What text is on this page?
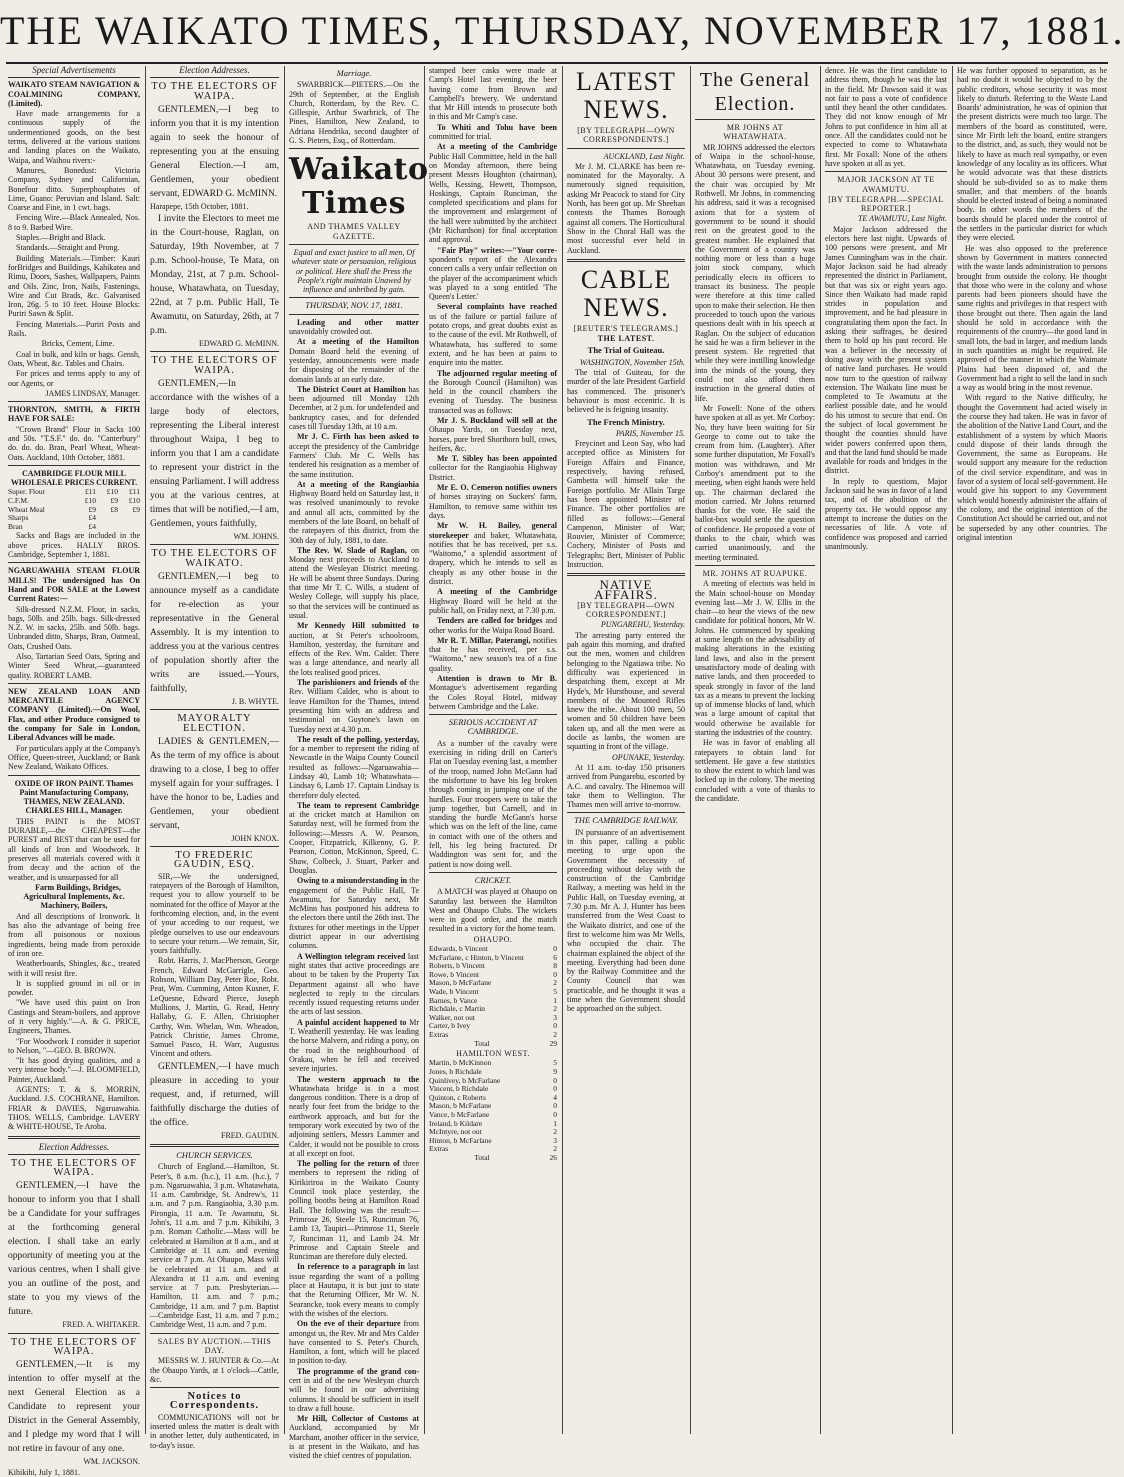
THE WAIKATO TIMES, THURSDAY, NOVEMBER 17, 1881.
Special Advertisements

WAIKATO STEAM NAVIGATION & COALMINING COMPANY, (Limited).

Have made arrangements for a continuous supply of the undermentioned goods, on the best terms, delivered at the various stations and landing places on the Waikato, Waipa, and Waihou rivers:-

Manures, Bonedust: Victoria Company, Sydney and Californian, Bonefour ditto. Superphosphates of Lime, Guano: Peruvian and Island. Salt: Coarse and Fine, in 1 cwt. bags.

Fencing Wire.—Black Annealed, Nos. 8 to 9. Barbed Wire.

Staples.—Bright and Black.

Standards.—Straight and Prong.

Building Materials.—Timber: Kauri forBridges and Buildings, Kahikatea and Rimu, Doors, Sashes, Wallpapers, Paints and Oils. Zinc, Iron, Nails, Fastenings, Wire and Cut Brads, &c. Galvanised Iron, 26g. 5 to 10 feet. House Blocks: Puriri Sawn & Split.

Fencing Materials.—Puriri Posts and Rails.

Bricks, Cement, Lime.

Coal in bulk, and kiln or bags. Gensh, Oats, Wheat, &c. Tables and Chairs.

For prices and terms apply to any of our Agents, or

JAMES LINDSAY, Manager.

THORNTON, SMITH, & FIRTH HAVE FOR SALE:

"Crown Brand" Flour in Sacks 100 and 50s. "T.S.F." do. do. "Canterbury" do. do. do. Bran, Pearl Wheat, Wheat-Oats. Auckland, 10th October, 1881.

CAMBRIDGE FLOUR MILL WHOLESALE PRICES CURRENT.

Super. Flour	£11	£10	£11
C.F.M.	£10	£9	£10
Wheat Meal	£9	£8	£9
Sharps	£4		
Bran	£4		

Sacks and Bags are included in the above prices. HALLY BROS. Cambridge, September 1, 1881.

NGARUAWAHIA STEAM FLOUR MILLS! The undersigned has On Hand and FOR SALE at the Lowest Current Rates:—

Silk-dressed N.Z.M. Flour, in sacks, bags, 50lb. and 25lb. bags. Silk-dressed N.Z. W. in sacks, 25lb. and 50lb. bags. Unbranded ditto, Sharps, Bran, Oatmeal, Oats, Crushed Oats.

Also, Tartarian Seed Oats, Spring and Winter Seed Wheat,—guaranteed quality. ROBERT LAMB.

NEW ZEALAND LOAN AND MERCANTILE AGENCY COMPANY (Limited).—On Wool, Flax, and other Produce consigned to the company for Sale in London, Liberal Advances will be made.

For particulars apply at the Company's Office, Queen-street, Auckland; or Bank New Zealand, Waikato Offices.

OXIDE OF IRON PAINT. Thames Paint Manufacturing Company, THAMES, NEW ZEALAND. CHARLES HILL, Manager.

THIS PAINT is the MOST DURABLE,—the CHEAPEST—the PUREST and BEST that can be used for all kinds of Iron and Woodwork. It preserves all materials covered with it from decay and the action of the weather, and is unsurpassed for all

Farm Buildings, Bridges, Agricultural Implements, &c. Machinery, Boilers,

And all descriptions of Ironwork. It has also the advantage of being free from all poisonous or noxious ingredients, being made from peroxide of iron ore.

Weatherboards, Shingles, &c., treated with it will resist fire.

It is supplied ground in oil or in powder.

"We have used this paint on Iron Castings and Steam-boilers, and approve of it very highly."—A. & G. PRICE, Engineers, Thames.

"For Woodwork I consider it superior to Nelson, "—GEO. B. BROWN.

"It has good drying qualities, and a very intense body."—J. BLOOMFIELD, Painter, Auckland.

AGENTS: T. & S. MORRIN, Auckland. J.S. COCHRANE, Hamilton. FRIAR & DAVIES, Ngaruawahia. THOS. WELLS, Cambridge. LAVERY & WHITE-HOUSE, Te Aroha.

Election Addresses.
TO THE ELECTORS OF WAIPA.

GENTLEMEN,—I have the honour to inform you that I shall be a Candidate for your suffrages at the forthcoming general election. I shall take an early opportunity of meeting you at the various centres, when I shall give you an outline of the post, and state to you my views of the future.

FRED. A. WHITAKER.

TO THE ELECTORS OF WAIPA.

GENTLEMEN,—It is my intention to offer myself at the next General Election as a Candidate to represent your District in the General Assembly, and I pledge my word that I will not retire in favour of any one.

WM. JACKSON.

Kihikihi, July 1, 1881.

Election Addresses.
TO THE ELECTORS OF WAIPA.

GENTLEMEN,—I beg to inform you that it is my intention again to seek the honour of representing you at the ensuing General Election.—I am, Gentlemen, your obedient servant, EDWARD G. McMINN.

Harapepe, 15th October, 1881.

I invite the Electors to meet me in the Court-house, Raglan, on Saturday, 19th November, at 7 p.m. School-house, Te Mata, on Monday, 21st, at 7 p.m. School-house, Whatawhata, on Tuesday, 22nd, at 7 p.m. Public Hall, Te Awamutu, on Saturday, 26th, at 7 p.m.

EDWARD G. McMINN.

TO THE ELECTORS OF WAIPA.

GENTLEMEN,—In accordance with the wishes of a large body of electors, representing the Liberal interest throughout Waipa, I beg to inform you that I am a candidate to represent your district in the ensuing Parliament. I will address you at the various centres, at times that will be notified,—I am, Gentlemen, yours faithfully,

WM. JOHNS.

TO THE ELECTORS OF WAIKATO.

GENTLEMEN,—I beg to announce myself as a candidate for re-election as your representative in the General Assembly. It is my intention to address you at the various centres of population shortly after the writs are issued.—Yours, faithfully,

J. B. WHYTE.

MAYORALTY ELECTION.

LADIES & GENTLEMEN,—As the term of my office is about drawing to a close, I beg to offer myself again for your suffrages. I have the honor to be, Ladies and Gentlemen, your obedient servant,

JOHN KNOX.

TO FREDERIC GAUDIN, ESQ.

SIR,—We the undersigned, ratepayers of the Borough of Hamilton, request you to allow yourself to be nominated for the office of Mayor at the forthcoming election, and, in the event of your acceding to our request, we pledge ourselves to use our endeavours to secure your return.—We remain, Sir, yours faithfully.

Robt. Harris, J. MacPherson, George French, Edward McGarrigle, Geo. Robson, William Day, Peter Roe, Robt. Peat, Wm. Cumming, Anton Kusner, F. LeQuesne, Edward Pierce, Joseph Mullions, J. Martin, G. Read, Henry Hallaby, G. F. Allen, Christopher Carthy, Wm. Whelan, Wm. Wheadon, Patrick Christie, James Chrome, Samuel Pasco, H. Warr, Augustus Vincent and others.

GENTLEMEN,—I have much pleasure in acceding to your request, and, if returned, will faithfully discharge the duties of the office.

FRED. GAUDIN.

CHURCH SERVICES.

Church of England.—Hamilton, St. Peter's, 8 a.m. (h.c.), 11 a.m. (h.c.), 7 p.m. Ngaruawahia, 3 p.m. Whatawhata, 11 a.m. Cambridge, St. Andrew's, 11 a.m. and 7 p.m. Rangiaohia, 3.30 p.m. Pirongia, 11 a.m. Te Awamutu, St. John's, 11 a.m. and 7 p.m. Kihikihi, 3 p.m. Roman Catholic.—Mass will be celebrated at Hamilton at 8 a.m., and at Cambridge at 11 a.m. and evening service at 7 p.m. At Ohaupo, Mass will be celebrated at 11 a.m. and at Alexandra at 11 a.m. and evening service at 7 p.m. Presbyterian.—Hamilton, 11 a.m. and 7 p.m.; Cambridge, 11 a.m. and 7 p.m. Baptist—Cambridge East, 11 a.m. and 7 p.m.; Cambridge West, 11 a.m. and 7 p.m.

SALES BY AUCTION.—THIS DAY.

MESSRS W. J. HUNTER & Co.—At the Ohaupo Yards, at 1 o'clock—Cattle, &c.

Notices to Correspondents.

COMMUNICATIONS will not be inserted unless the matter is dealt with in another letter, duly authenticated, in to-day's issue.

Marriage.

SWARBRICK—PIETERS.—On the 29th of September, at the English Church, Rotterdam, by the Rev. C. Gillespie, Arthur Swarbrick, of The Pines, Hamilton, New Zealand, to Adriana Hendrika, second daughter of G. S. Pieters, Esq., of Rotterdam.

Waikato Times
AND THAMES VALLEY GAZETTE.

Equal and exact justice to all men, Of whatever state or persuasion, religious or political. Here shall the Press the People's right maintain Unawed by influence and unbribed by gain.

THURSDAY, NOV. 17, 1881.

Leading and other matter unavoidably crowded out.

At a meeting of the Hamilton Domain Board held the evening of yesterday, announcements were made for disposing of the remainder of the domain lands at an early date.

The District Court at Hamilton has been adjourned till Monday 12th December, at 2 p.m. for undefended and bankruptcy cases, and for defended cases till Tuesday 13th, at 10 a.m.

Mr J. C. Firth has been asked to accept the presidency of the Cambridge Farmers' Club. Mr C. Wells has tendered his resignation as a member of the same institution.

At a meeting of the Rangiaohia Highway Board held on Saturday last, it was resolved unanimously to revoke and annul all acts, committed by the members of the late Board, on behalf of the ratepayers of this district, from the 30th day of July, 1881, to date.

The Rev. W. Slade of Raglan, on Monday next proceeds to Auckland to attend the Wesleyan District meeting. He will be absent three Sundays. During that time Mr T. C. Wills, a student of Wesley College, will supply his place, so that the services will be continued as usual.

Mr Kennedy Hill submitted to auction, at St Peter's schoolroom, Hamilton, yesterday, the furniture and effects of the Rev. Wm. Calder. There was a large attendance, and nearly all the lots realised good prices.

The parishioners and friends of the Rev. William Calder, who is about to leave Hamilton for the Thames, intend presenting him with an address and testimonial on Guytone's lawn on Tuesday next at 4.30 p.m.

The result of the polling, yesterday, for a member to represent the riding of Newcastle in the Waipa County Council resulted as follows:—Ngaruawahia—Lindsay 40, Lamb 10; Whatawhata—Lindsay 6, Lamb 17. Captain Lindsay is therefore duly elected.

The team to represent Cambridge at the cricket match at Hamilton on Saturday next, will be formed from the following:—Messrs A. W. Pearson, Cooper, Fitzpatrick, Kilkenny, G. P. Pearson, Cotton, McKinnon, Speed, C. Shaw, Colbeck, J. Stuart, Parker and Douglas.

Owing to a misunderstanding in the engagement of the Public Hall, Te Awamutu, for Saturday next, Mr McMinn has postponed his address to the electors there until the 26th inst. The fixtures for other meetings in the Upper district appear in our advertising columns.

A Wellington telegram received last night states that active proceedings are about to be taken by the Property Tax Department against all who have neglected to reply to the circulars recently issued requesting returns under the acts of last session.

A painful accident happened to Mr T. Weatherill yesterday. He was leading the horse Malvern, and riding a pony, on the road in the neighbourhood of Orakau, when he fell and received severe injuries.

The western approach to the Whatawhata bridge is in a most dangerous condition. There is a drop of nearly four feet from the bridge to the earthwork approach, and but for the temporary work executed by two of the adjoining settlers, Messrs Lammer and Calder, it would not be possible to cross at all except on foot.

The polling for the return of three members to represent the riding of Kirikiriroa in the Waikato County Council took place yesterday, the polling booths being at Hamilton Road Hall. The following was the result:—Primrose 26, Steele 15, Runciman 76, Lamb 13, Taupiri—Primrose 11, Steele 7, Runciman 11, and Lamb 24. Mr Primrose and Captain Steele and Runciman are therefore duly elected.

In reference to a paragraph in last issue regarding the want of a polling place at Hautapu, it is but just to state that the Returning Officer, Mr W. N. Searancke, took every means to comply with the wishes of the electors.

On the eve of their departure from amongst us, the Rev. Mr and Mrs Calder have consented to S. Peter's Church, Hamilton, a font, which will be placed in position to-day.

The programme of the grand con- cert in aid of the new Wesleyan church will be found in our advertising columns. It should be sufficient in itself to draw a full house.

Mr Hill, Collector of Customs at Auckland, accompanied by Mr Marchant, another officer in the service, is at present in the Waikato, and has visited the chief centres of population.

stamped beer casks were made at Camp's Hotel last evening, the beer having come from Brown and Campbell's brewery. We understand that Mr Hill intends to prosecute both in this and Mr Camp's case.

To Whiti and Tohu have been committed for trial.

At a meeting of the Cambridge Public Hall Committee, held in the hall on Monday afternoon, there being present Messrs Houghton (chairman), Wells, Kessing, Hewett, Thompson, Hoskings, Captain Runciman, the completed specifications and plans for the improvement and enlargement of the hall were submitted by the architect (Mr Richardson) for final acceptation and approval.

"Fair Play" writes:—"Your corre- spondent's report of the Alexandra concert calls a very unfair reflection on the player of the accompaniment which was played to a song entitled 'The Queen's Letter.'

Several complaints have reached us of the failure or partial failure of potato crops, and great doubts exist as to the cause of the evil. Mr Rothwell, of Whatawhata, has suffered to some extent, and he has been at pains to enquire into the matter.

The adjourned regular meeting of the Borough Council (Hamilton) was held in the council chambers the evening of Tuesday. The business transacted was as follows:

Mr J. S. Buckland will sell at the Ohaupo Yards, on Tuesday next, horses, pure bred Shorthorn bull, cows, heifers, &c.

Mr T. Sibley has been appointed collector for the Rangiaohia Highway District.

Mr E. O. Cemeron notifies owners of horses straying on Suckers' farm, Hamilton, to remove same within ten days.

Mr W. H. Bailey, general storekeeper and baker, Whatawhata, notifies that he has received, per s.s. "Waitomo," a splendid assortment of drapery, which he intends to sell as cheaply as any other house in the district.

A meeting of the Cambridge Highway Board will be held at the public hall, on Friday next, at 7.30 p.m.

Tenders are called for bridges and other works for the Waipa Road Board.

Mr R. T. Millar, Paterangi, notifies that he has received, per s.s. "Waitomo," new season's tea of a fine quality.

Attention is drawn to Mr B. Montague's advertisement regarding the Coles Royal Hotel, midway between Cambridge and the Lake.

SERIOUS ACCIDENT AT CAMBRIDGE.

As a number of the cavalry were exercising in riding drill on Carter's Flat on Tuesday evening last, a member of the troop, named John McGann had the misfortune to have his leg broken through coming in jumping one of the hurdles. Four troopers were to take the jump together, but Carnell, and in standing the hurdle McGann's horse which was on the left of the line, came in contact with one of the others and fell, his leg being fractured. Dr Waddington was sent for, and the patient is now doing well.

CRICKET.

A MATCH was played at Ohaupo on Saturday last between the Hamilton West and Ohaupo Clubs. The wickets were in good order, and the match resulted in a victory for the home team.

OHAUPO.
Edwards, b Vincent	0
McFarlane, c Hinton, b Vincent	6
Roberts, b Vincent	8
Rowe, b Vincent	0
Mason, b McFarlane	2
Wade, b Vincent	5
Barnes, b Vance	1
Richdale, c Martin	2
Walker, not out	3
Carter, b Ivey	0
Extras	2
Total	29
HAMILTON WEST.
Martin, b McKinnon	5
Jones, b Richdale	9
Quinlivey, b McFarlane	0
Vincent, b Richdale	0
Quinton, c Roberts	4
Mason, b McFarlane	0
Vance, b McFarlane	0
Ireland, b Kildare	1
McIntyre, not out	2
Hinton, b McFarlane	3
Extras	2
Total	26
LATEST NEWS.
[BY TELEGRAPH—OWN CORRESPONDENTS.]

AUCKLAND, Last Night.

Mr J. M. CLARKE has been re-nominated for the Mayoralty. A numerously signed requisition, asking Mr Peacock to stand for City North, has been got up. Mr Sheehan contests the Thames Borough against all comers. The Horticultural Show in the Choral Hall was the most successful ever held in Auckland.

CABLE NEWS.
[REUTER'S TELEGRAMS.]
THE LATEST.
The Trial of Guiteau.

WASHINGTON, November 15th.

The trial of Guiteau, for the murder of the late President Garfield has commenced. The prisoner's behaviour is most eccentric. It is believed he is feigning insanity.

The French Ministry.

PARIS, November 15.

Freycinet and Leon Say, who had accepted office as Ministers for Foreign Affairs and Finance, respectively, having refused, Gambetta will himself take the Foreign portfolio. Mr Allain Targe has been appointed Minister of Finance. The other portfolios are filled as follows:—General Campenon, Minister of War; Rouvier, Minister of Commerce; Cochery, Minister of Posts and Telegraphs; Bert, Minister of Public Instruction.

NATIVE AFFAIRS.
[BY TELEGRAPH—OWN CORRESPONDENT.]

PUNGAREHU, Yesterday.

The arresting party entered the pah again this morning, and drafted out the men, women and children belonging to the Ngatiawa tribe. No difficulty was experienced in despatching them, except at Mr Hyde's, Mr Hursthouse, and several members of the Mounted Rifles knew the tribe. About 100 men, 50 women and 50 children have been taken up, and all the men were as docile as lambs, the women are squatting in front of the village.

OPUNAKE, Yesterday.

At 11 a.m. to-day 150 prisoners arrived from Pungarehu, escorted by A.C. and cavalry. The Hinemoa will take them to Wellington. The Thames men will arrive to-morrow.

THE CAMBRIDGE RAILWAY.

IN pursuance of an advertisement in this paper, calling a public meeting to urge upon the Government the necessity of proceeding without delay with the construction of the Cambridge Railway, a meeting was held in the Public Hall, on Tuesday evening, at 7.30 p.m. Mr A. J. Hunter has been transferred from the West Coast to the Waikato district, and one of the first to welcome him was Mr Wells, who occupied the chair. The chairman explained the object of the meeting. Everything had been done by the Railway Committee and the County Council that was practicable, and he thought it was a time when the Government should be approached on the subject.

The General Election.
MR JOHNS AT WHATAWHATA.

MR JOHNS addressed the electors of Waipa in the school-house, Whatawhata, on Tuesday evening. About 30 persons were present, and the chair was occupied by Mr Rothwell. Mr Johns, in commencing his address, said it was a recognised axiom that for a system of government to be sound it should rest on the greatest good to the greatest number. He explained that the Government of a country was nothing more or less than a huge joint stock company, which periodically elects its officers to transact its business. The people were therefore at this time called upon to make their selection. He then proceeded to touch upon the various questions dealt with in his speech at Raglan. On the subject of education he said he was a firm believer in the present system. He regretted that while they were instilling knowledge into the minds of the young, they could not also afford them instruction in the general duties of life.

Mr Fowell: None of the others have spoken at all as yet. Mr Corboy: No, they have been waiting for Sir George to come out to take the cream from him. (Laughter). After some further disputation, Mr Foxall's motion was withdrawn, and Mr Corboy's amendment put to the meeting, when eight hands were held up. The chairman declared the motion carried. Mr Johns returned thanks for the vote. He said the ballot-box would settle the question of confidence. He proposed a vote of thanks to the chair, which was carried unanimously, and the meeting terminated.

MR. JOHNS AT RUAPUKE.

A meeting of electors was held in the Main school-house on Monday evening last—Mr J. W. Ellis in the chair—to hear the views of the new candidate for political honors, Mr W. Johns. He commenced by speaking at some length on the advisability of making alterations in the existing land laws, and also in the present unsatisfactory mode of dealing with native lands, and then proceeded to speak strongly in favor of the land tax as a means to prevent the locking up of immense blocks of land, which was a large amount of capital that would otherwise be available for starting the industries of the country.

He was in favor of enabling all ratepayers to obtain land for settlement. He gave a few statistics to show the extent to which land was locked up in the colony. The meeting concluded with a vote of thanks to the candidate.

dence. He was the first candidate to address them, though he was the last in the field. Mr Dawson said it was not fair to pass a vote of confidence until they heard the other candidates. They did not know enough of Mr Johns to put confidence in him all at once. All the candidates could not be expected to come to Whatawhata first. Mr Foxall: None of the others have spoken at all as yet.

MAJOR JACKSON AT TE AWAMUTU.
[BY TELEGRAPH.—SPECIAL REPORTER.]

TE AWAMUTU, Last Night.

Major Jackson addressed the electors here last night. Upwards of 100 persons were present, and Mr James Cunningham was in the chair. Major Jackson said he had already represented the district in Parliament, but that was six or eight years ago. Since then Waikato had made rapid strides in population and improvement, and he had pleasure in congratulating them upon the fact. In asking their suffrages, he desired them to hold up his past record. He was a believer in the necessity of doing away with the present system of native land purchases. He would now turn to the question of railway extension. The Waikato line must be completed to Te Awamutu at the earliest possible date, and he would do his utmost to secure that end. On the subject of local government he thought the counties should have wider powers conferred upon them, and that the land fund should be made available for roads and bridges in the district.

In reply to questions, Major Jackson said he was in favor of a land tax, and of the abolition of the property tax. He would oppose any attempt to increase the duties on the necessaries of life. A vote of confidence was proposed and carried unanimously.

He was further opposed to separation, as he had no doubt it would be objected to by the public creditors, whose security it was most likely to disturb. Referring to the Waste Land Boards' administration, he was of opinion that the present districts were much too large. The members of the board as constituted, were, since Mr Firth left the board, entire strangers to the district, and, as such, they would not be likely to have as much real sympathy, or even knowledge of any locality as its officers. What he would advocate was that these districts should be sub-divided so as to make them smaller, and that members of the boards should be elected instead of being a nominated body. In other words the members of the boards should be placed under the control of the settlers in the particular district for which they were elected.

He was also opposed to the preference shown by Government in matters connected with the waste lands administration to persons brought from outside the colony. He thought that those who were in the colony and whose parents had been pioneers should have the same rights and privileges in that respect with those brought out there. Then again the land should be sold in accordance with the requirements of the country—the good land in small lots, the bad in larger, and medium lands in such quantities as might be required. He approved of the manner in which the Waimate Plains had been disposed of, and the Government had a right to sell the land in such a way as would bring in the most revenue.

With regard to the Native difficulty, he thought the Government had acted wisely in the course they had taken. He was in favor of the abolition of the Native Land Court, and the establishment of a system by which Maoris could dispose of their lands through the Government, the same as Europeans. He would support any measure for the reduction of the civil service expenditure, and was in favor of a system of local self-government. He would give his support to any Government which would honestly administer the affairs of the colony, and the original intention of the Constitution Act should be carried out, and not be superseded by any other countries. The original intention
